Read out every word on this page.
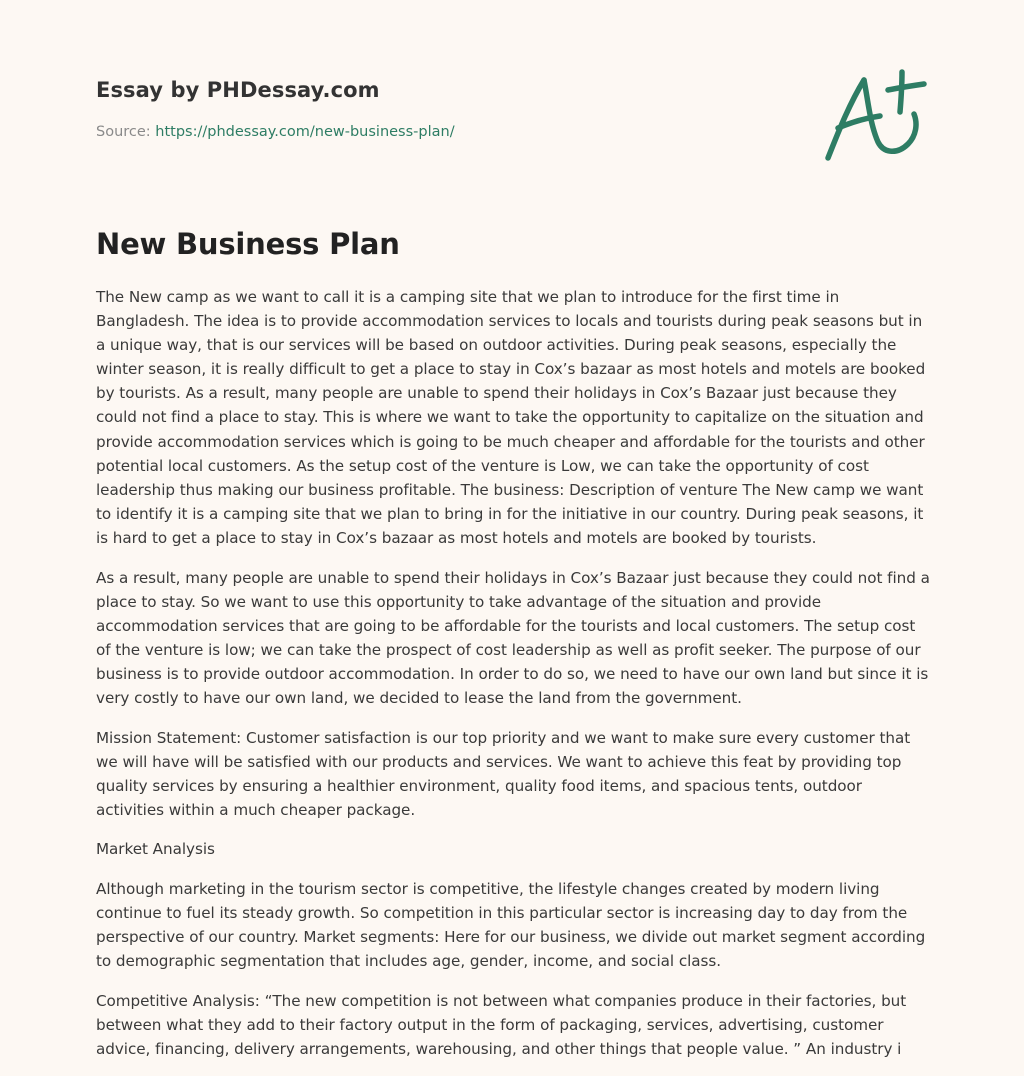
Essay by PHDessay.com
Source: https://phdessay.com/new-business-plan/
New Business Plan

The New camp as we want to call it is a camping site that we plan to introduce for the first time in Bangladesh. The idea is to provide accommodation services to locals and tourists during peak seasons but in a unique way, that is our services will be based on outdoor activities. During peak seasons, especially the winter season, it is really difficult to get a place to stay in Cox’s bazaar as most hotels and motels are booked by tourists. As a result, many people are unable to spend their holidays in Cox’s Bazaar just because they could not find a place to stay. This is where we want to take the opportunity to capitalize on the situation and provide accommodation services which is going to be much cheaper and affordable for the tourists and other potential local customers. As the setup cost of the venture is Low, we can take the opportunity of cost leadership thus making our business profitable. The business: Description of venture The New camp we want to identify it is a camping site that we plan to bring in for the initiative in our country. During peak seasons, it is hard to get a place to stay in Cox’s bazaar as most hotels and motels are booked by tourists.

As a result, many people are unable to spend their holidays in Cox’s Bazaar just because they could not find a place to stay. So we want to use this opportunity to take advantage of the situation and provide accommodation services that are going to be affordable for the tourists and local customers. The setup cost of the venture is low; we can take the prospect of cost leadership as well as profit seeker. The purpose of our business is to provide outdoor accommodation. In order to do so, we need to have our own land but since it is very costly to have our own land, we decided to lease the land from the government.

Mission Statement: Customer satisfaction is our top priority and we want to make sure every customer that we will have will be satisfied with our products and services. We want to achieve this feat by providing top quality services by ensuring a healthier environment, quality food items, and spacious tents, outdoor activities within a much cheaper package.

Market Analysis

Although marketing in the tourism sector is competitive, the lifestyle changes created by modern living continue to fuel its steady growth. So competition in this particular sector is increasing day to day from the perspective of our country. Market segments: Here for our business, we divide out market segment according to demographic segmentation that includes age, gender, income, and social class.

Competitive Analysis: “The new competition is not between what companies produce in their factories, but between what they add to their factory output in the form of packaging, services, advertising, customer advice, financing, delivery arrangements, warehousing, and other things that people value. ” An industry i
